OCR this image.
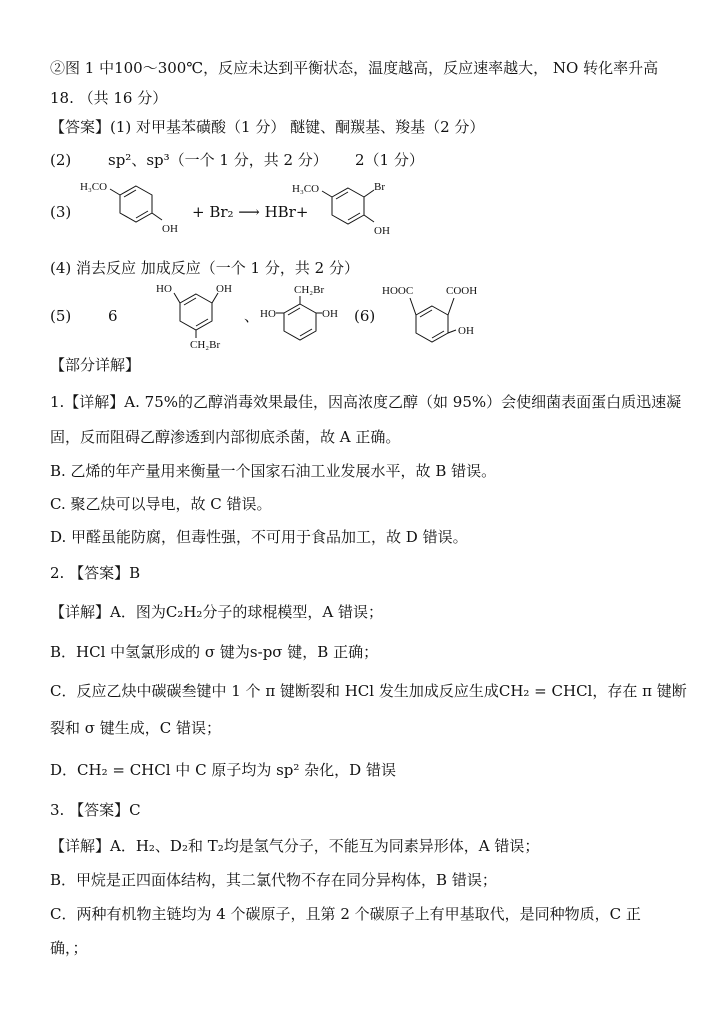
②图 1 中100～300℃，反应未达到平衡状态，温度越高，反应速率越大， NO 转化率升高
18. （共 16 分）
【答案】(1) 对甲基苯磺酸（1 分） 醚键、酮羰基、羧基（2 分）
(2) sp²、sp³（一个 1 分，共 2 分） 2（1 分）
(3)
H₃CO
OH
+ Br₂ ⟶ HBr+
H₃CO	Br
OH
(4) 消去反应 加成反应（一个 1 分，共 2 分）
(5) 6
HO	OH
CH₂Br
、
CH₂Br
HO	OH (6)
HOOC	COOH
OH
【部分详解】
1.【详解】A. 75%的乙醇消毒效果最佳，因高浓度乙醇（如 95%）会使细菌表面蛋白质迅速凝
固，反而阻碍乙醇渗透到内部彻底杀菌，故 A 正确。
B. 乙烯的年产量用来衡量一个国家石油工业发展水平，故 B 错误。
C. 聚乙炔可以导电，故 C 错误。
D. 甲醛虽能防腐，但毒性强，不可用于食品加工，故 D 错误。
2. 【答案】B
【详解】A．图为C₂H₂分子的球棍模型，A 错误；
B．HCl 中氢氯形成的 σ 键为s-pσ 键，B 正确；
C．反应乙炔中碳碳叁键中 1 个 π 键断裂和 HCl 发生加成反应生成CH₂ = CHCl，存在 π 键断
裂和 σ 键生成，C 错误；
D．CH₂ = CHCl 中 C 原子均为 sp² 杂化，D 错误
3. 【答案】C
【详解】A．H₂、D₂和 T₂均是氢气分子，不能互为同素异形体，A 错误；
B．甲烷是正四面体结构，其二氯代物不存在同分异构体，B 错误；
C．两种有机物主链均为 4 个碳原子，且第 2 个碳原子上有甲基取代，是同种物质，C 正
确，；
